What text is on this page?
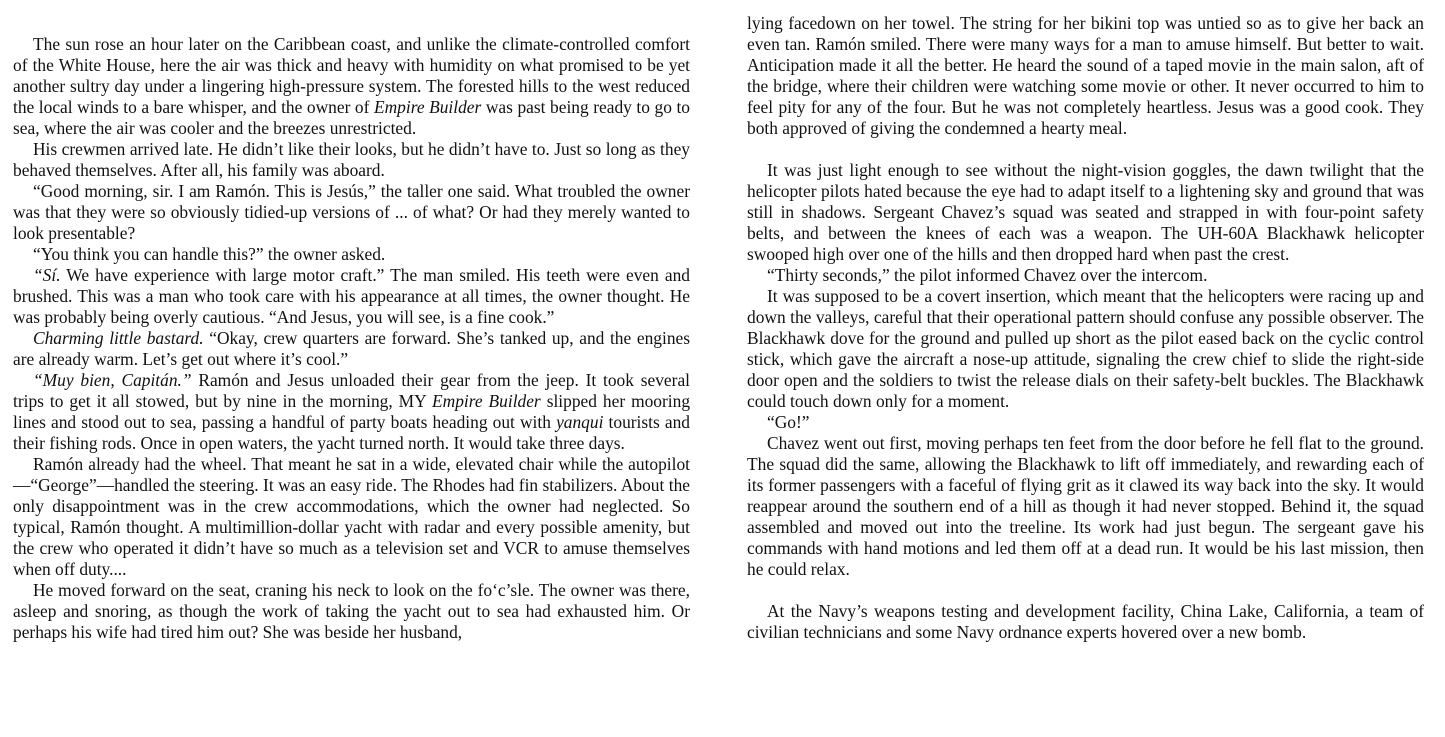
The sun rose an hour later on the Caribbean coast, and unlike the climate-controlled comfort of the White House, here the air was thick and heavy with humidity on what promised to be yet another sultry day under a lingering high-pressure system. The forested hills to the west reduced the local winds to a bare whisper, and the owner of Empire Builder was past being ready to go to sea, where the air was cooler and the breezes unrestricted.

His crewmen arrived late. He didn’t like their looks, but he didn’t have to. Just so long as they behaved themselves. After all, his family was aboard.

“Good morning, sir. I am Ramón. This is Jesús,” the taller one said. What troubled the owner was that they were so obviously tidied-up versions of ... of what? Or had they merely wanted to look presentable?

“You think you can handle this?” the owner asked.

“Sí. We have experience with large motor craft.” The man smiled. His teeth were even and brushed. This was a man who took care with his appearance at all times, the owner thought. He was probably being overly cautious. “And Jesus, you will see, is a fine cook.”

Charming little bastard. “Okay, crew quarters are forward. She’s tanked up, and the engines are already warm. Let’s get out where it’s cool.”

“Muy bien, Capitán.” Ramón and Jesus unloaded their gear from the jeep. It took several trips to get it all stowed, but by nine in the morning, MY Empire Builder slipped her mooring lines and stood out to sea, passing a handful of party boats heading out with yanqui tourists and their fishing rods. Once in open waters, the yacht turned north. It would take three days.

Ramón already had the wheel. That meant he sat in a wide, elevated chair while the autopilot—“George”—handled the steering. It was an easy ride. The Rhodes had fin stabilizers. About the only disappointment was in the crew accommodations, which the owner had neglected. So typical, Ramón thought. A multimillion-dollar yacht with radar and every possible amenity, but the crew who operated it didn’t have so much as a television set and VCR to amuse themselves when off duty....

He moved forward on the seat, craning his neck to look on the fo‘c’sle. The owner was there, asleep and snoring, as though the work of taking the yacht out to sea had exhausted him. Or perhaps his wife had tired him out? She was beside her husband,

lying facedown on her towel. The string for her bikini top was untied so as to give her back an even tan. Ramón smiled. There were many ways for a man to amuse himself. But better to wait. Anticipation made it all the better. He heard the sound of a taped movie in the main salon, aft of the bridge, where their children were watching some movie or other. It never occurred to him to feel pity for any of the four. But he was not completely heartless. Jesus was a good cook. They both approved of giving the condemned a hearty meal.

It was just light enough to see without the night-vision goggles, the dawn twilight that the helicopter pilots hated because the eye had to adapt itself to a lightening sky and ground that was still in shadows. Sergeant Chavez’s squad was seated and strapped in with four-point safety belts, and between the knees of each was a weapon. The UH-60A Blackhawk helicopter swooped high over one of the hills and then dropped hard when past the crest.

“Thirty seconds,” the pilot informed Chavez over the intercom.

It was supposed to be a covert insertion, which meant that the helicopters were racing up and down the valleys, careful that their operational pattern should confuse any possible observer. The Blackhawk dove for the ground and pulled up short as the pilot eased back on the cyclic control stick, which gave the aircraft a nose-up attitude, signaling the crew chief to slide the right-side door open and the soldiers to twist the release dials on their safety-belt buckles. The Blackhawk could touch down only for a moment.

“Go!”

Chavez went out first, moving perhaps ten feet from the door before he fell flat to the ground. The squad did the same, allowing the Blackhawk to lift off immediately, and rewarding each of its former passengers with a faceful of flying grit as it clawed its way back into the sky. It would reappear around the southern end of a hill as though it had never stopped. Behind it, the squad assembled and moved out into the treeline. Its work had just begun. The sergeant gave his commands with hand motions and led them off at a dead run. It would be his last mission, then he could relax.

At the Navy’s weapons testing and development facility, China Lake, California, a team of civilian technicians and some Navy ordnance experts hovered over a new bomb.
